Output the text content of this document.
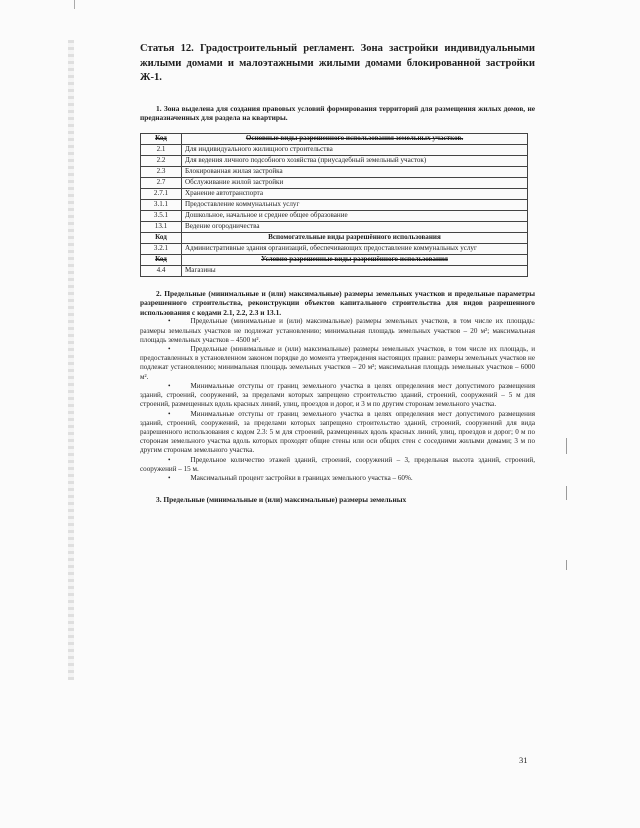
Статья 12. Градостроительный регламент. Зона застройки индивидуальными жилыми домами и малоэтажными жилыми домами блокированной застройки Ж-1.

1. Зона выделена для создания правовых условий формирования территорий для размещения жилых домов, не предназначенных для раздела на квартиры.

Код	Основные виды разрешенного использования земельных участков.
2.1	Для индивидуального жилищного строительства
2.2	Для ведения личного подсобного хозяйства (приусадебный земельный участок)
2.3	Блокированная жилая застройка
2.7	Обслуживание жилой застройки
2.7.1	Хранение автотранспорта
3.1.1	Предоставление коммунальных услуг
3.5.1	Дошкольное, начальное и среднее общее образование
13.1	Ведение огородничества
Код	Вспомогательные виды разрешённого использования
3.2.1	Административные здания организаций, обеспечивающих предоставление коммунальных услуг
Код	Условно разрешенные виды разрешённого использования
4.4	Магазины

2. Предельные (минимальные и (или) максимальные) размеры земельных участков и предельные параметры разрешенного строительства, реконструкции объектов капитального строительства для видов разрешенного использования с кодами 2.1, 2.2, 2.3 и 13.1.

•	Предельные (минимальные и (или) максимальные) размеры земельных участков, в том числе их площадь: размеры земельных участков не подлежат установлению; минимальная площадь земельных участков – 20 м²; максимальная площадь земельных участков – 4500 м².

•	Предельные (минимальные и (или) максимальные) размеры земельных участков, в том числе их площадь, и предоставленных в установленном законом порядке до момента утверждения настоящих правил: размеры земельных участков не подлежат установлению; минимальная площадь земельных участков – 20 м²; максимальная площадь земельных участков – 6000 м².

•	Минимальные отступы от границ земельного участка в целях определения мест допустимого размещения зданий, строений, сооружений, за пределами которых запрещено строительство зданий, строений, сооружений – 5 м для строений, размещенных вдоль красных линий, улиц, проездов и дорог, и 3 м по другим сторонам земельного участка.

•	Минимальные отступы от границ земельного участка в целях определения мест допустимого размещения зданий, строений, сооружений, за пределами которых запрещено строительство зданий, строений, сооружений для вида разрешенного использования с кодом 2.3: 5 м для строений, размещенных вдоль красных линий, улиц, проездов и дорог; 0 м по сторонам земельного участка вдоль которых проходят общие стены или оси общих стен с соседними жилыми домами; 3 м по другим сторонам земельного участка.

•	Предельное количество этажей зданий, строений, сооружений – 3, предельная высота зданий, строений, сооружений – 15 м.

•	Максимальный процент застройки в границах земельного участка – 60%.

3. Предельные (минимальные и (или) максимальные) размеры земельных

31
